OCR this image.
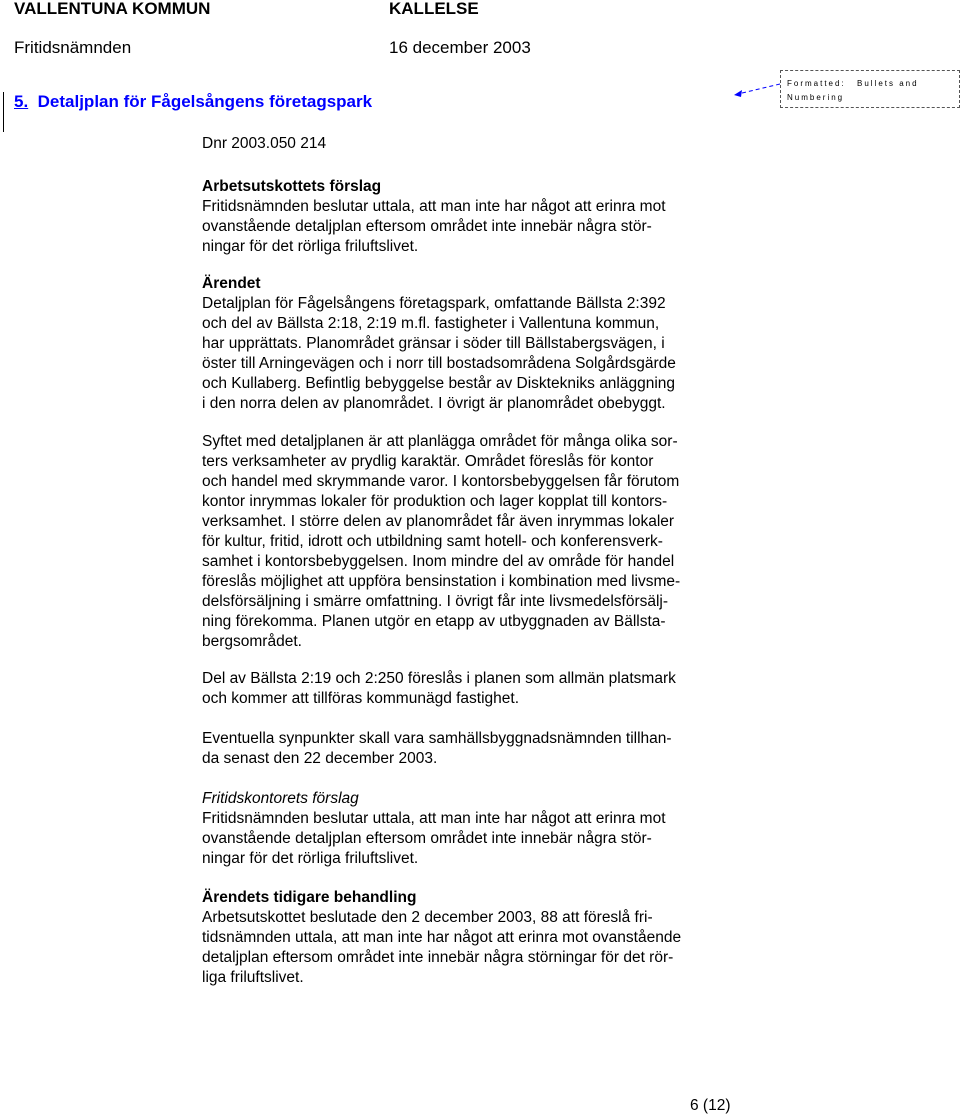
VALLENTUNA KOMMUN	KALLELSE
Fritidsnämnden	16 december 2003
5. Detaljplan för Fågelsångens företagspark
Formatted: Bullets and
Numbering
Dnr 2003.050 214
Arbetsutskottets förslag
Fritidsnämnden beslutar uttala, att man inte har något att erinra mot
ovanstående detaljplan eftersom området inte innebär några stör-
ningar för det rörliga friluftslivet.
Ärendet
Detaljplan för Fågelsångens företagspark, omfattande Bällsta 2:392
och del av Bällsta 2:18, 2:19 m.fl. fastigheter i Vallentuna kommun,
har upprättats. Planområdet gränsar i söder till Bällstabergsvägen, i
öster till Arningevägen och i norr till bostadsområdena Solgårdsgärde
och Kullaberg. Befintlig bebyggelse består av Disktekniks anläggning
i den norra delen av planområdet. I övrigt är planområdet obebyggt.
Syftet med detaljplanen är att planlägga området för många olika sor-
ters verksamheter av prydlig karaktär. Området föreslås för kontor
och handel med skrymmande varor. I kontorsbebyggelsen får förutom
kontor inrymmas lokaler för produktion och lager kopplat till kontors-
verksamhet. I större delen av planområdet får även inrymmas lokaler
för kultur, fritid, idrott och utbildning samt hotell- och konferensverk-
samhet i kontorsbebyggelsen. Inom mindre del av område för handel
föreslås möjlighet att uppföra bensinstation i kombination med livsme-
delsförsäljning i smärre omfattning. I övrigt får inte livsmedelsförsälj-
ning förekomma. Planen utgör en etapp av utbyggnaden av Bällsta-
bergsområdet.
Del av Bällsta 2:19 och 2:250 föreslås i planen som allmän platsmark
och kommer att tillföras kommunägd fastighet.
Eventuella synpunkter skall vara samhällsbyggnadsnämnden tillhan-
da senast den 22 december 2003.
Fritidskontorets förslag
Fritidsnämnden beslutar uttala, att man inte har något att erinra mot
ovanstående detaljplan eftersom området inte innebär några stör-
ningar för det rörliga friluftslivet.
Ärendets tidigare behandling
Arbetsutskottet beslutade den 2 december 2003, 88 att föreslå fri-
tidsnämnden uttala, att man inte har något att erinra mot ovanstående
detaljplan eftersom området inte innebär några störningar för det rör-
liga friluftslivet.
6 (12)
